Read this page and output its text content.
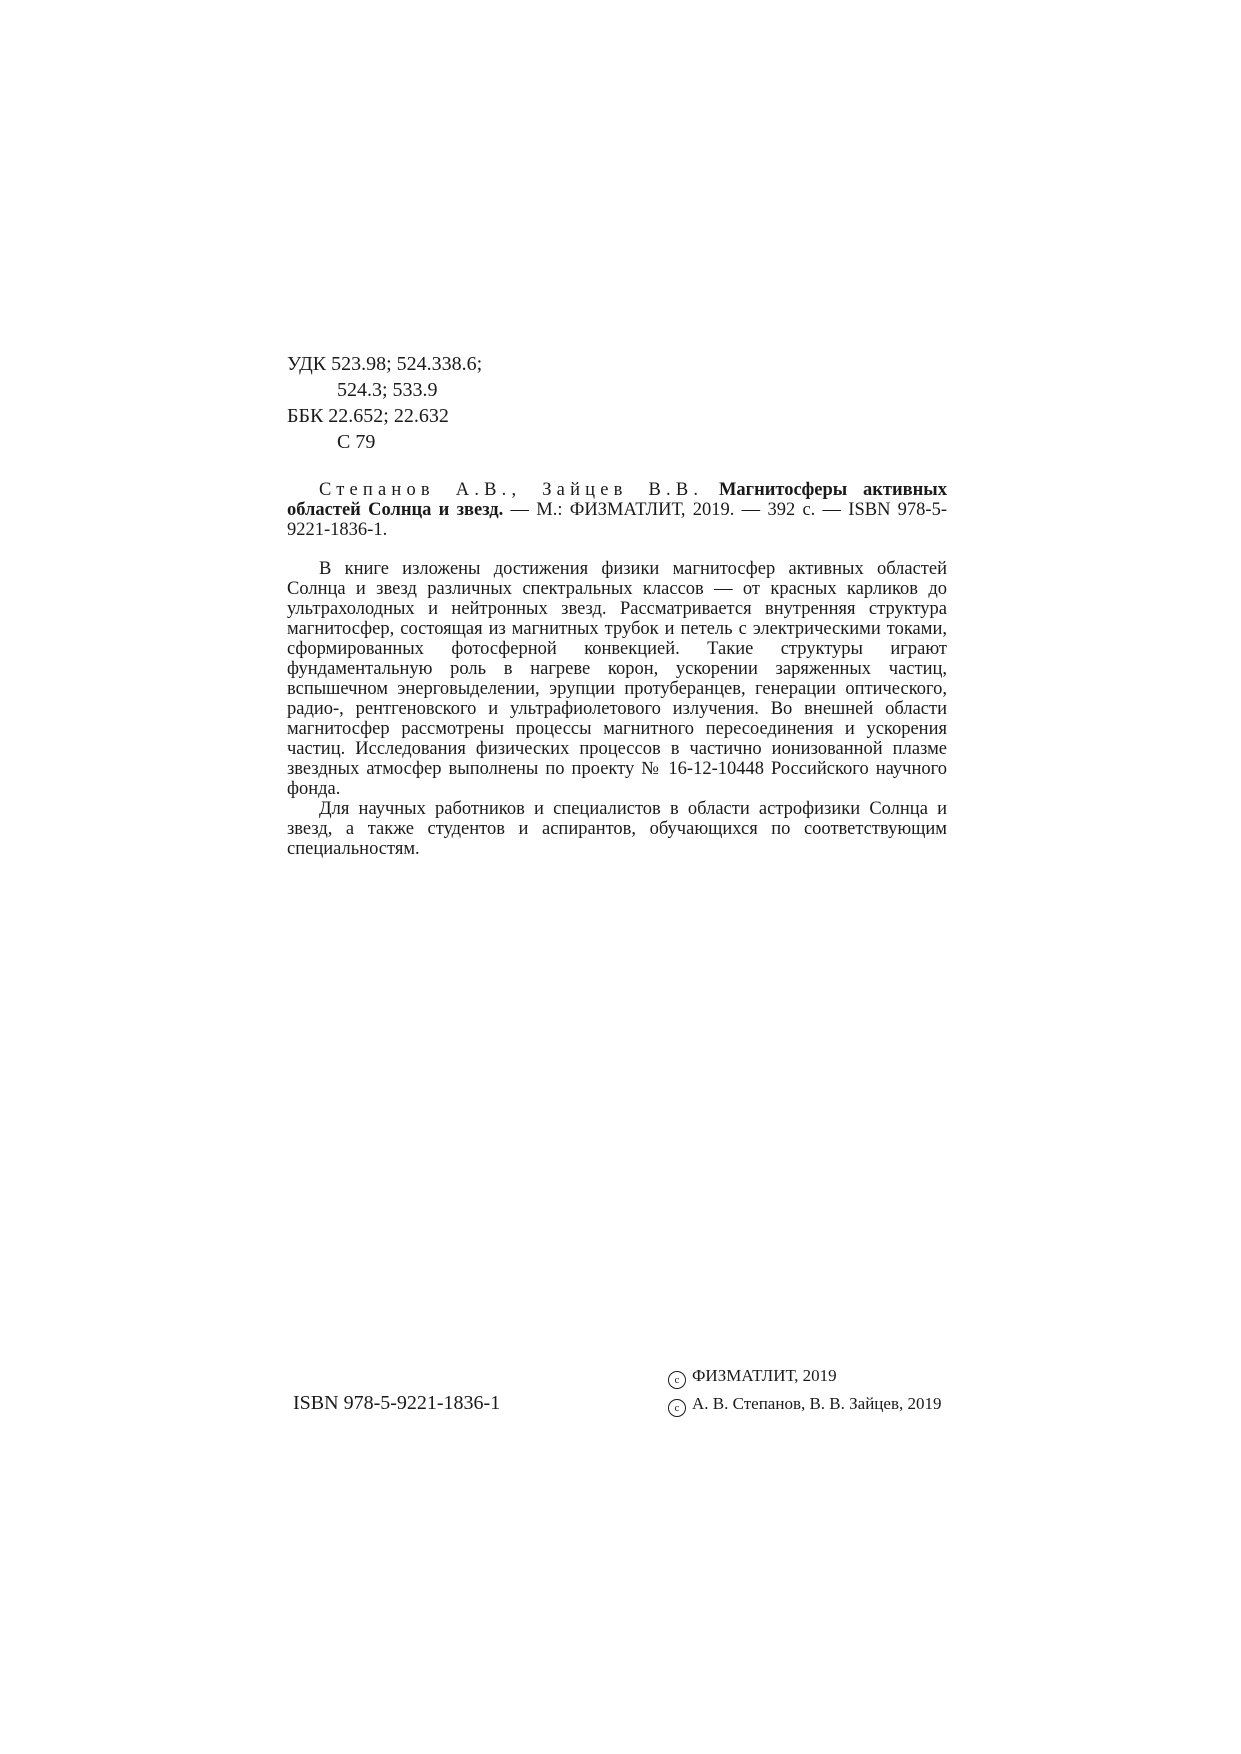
УДК 523.98; 524.338.6;
524.3; 533.9
ББК 22.652; 22.632
С 79

Степанов А.В., Зайцев В.В. Магнитосферы активных областей Солнца и звезд. — М.: ФИЗМАТЛИТ, 2019. — 392 с. — ISBN 978-5-9221-1836-1.

В книге изложены достижения физики магнитосфер активных областей Солнца и звезд различных спектральных классов — от красных карликов до ультрахолодных и нейтронных звезд. Рассматривается внутренняя структура магнитосфер, состоящая из магнитных трубок и петель с электрическими токами, сформированных фотосферной конвекцией. Такие структуры играют фундаментальную роль в нагреве корон, ускорении заряженных частиц, вспышечном энерговыделении, эрупции протуберанцев, генерации оптического, радио-, рентгеновского и ультрафиолетового излучения. Во внешней области магнитосфер рассмотрены процессы магнитного пересоединения и ускорения частиц. Исследования физических процессов в частично ионизованной плазме звездных атмосфер выполнены по проекту № 16-12-10448 Российского научного фонда.

Для научных работников и специалистов в области астрофизики Солнца и звезд, а также студентов и аспирантов, обучающихся по соответствующим специальностям.

ISBN 978-5-9221-1836-1
c ФИЗМАТЛИТ, 2019
c А. В. Степанов, В. В. Зайцев, 2019
